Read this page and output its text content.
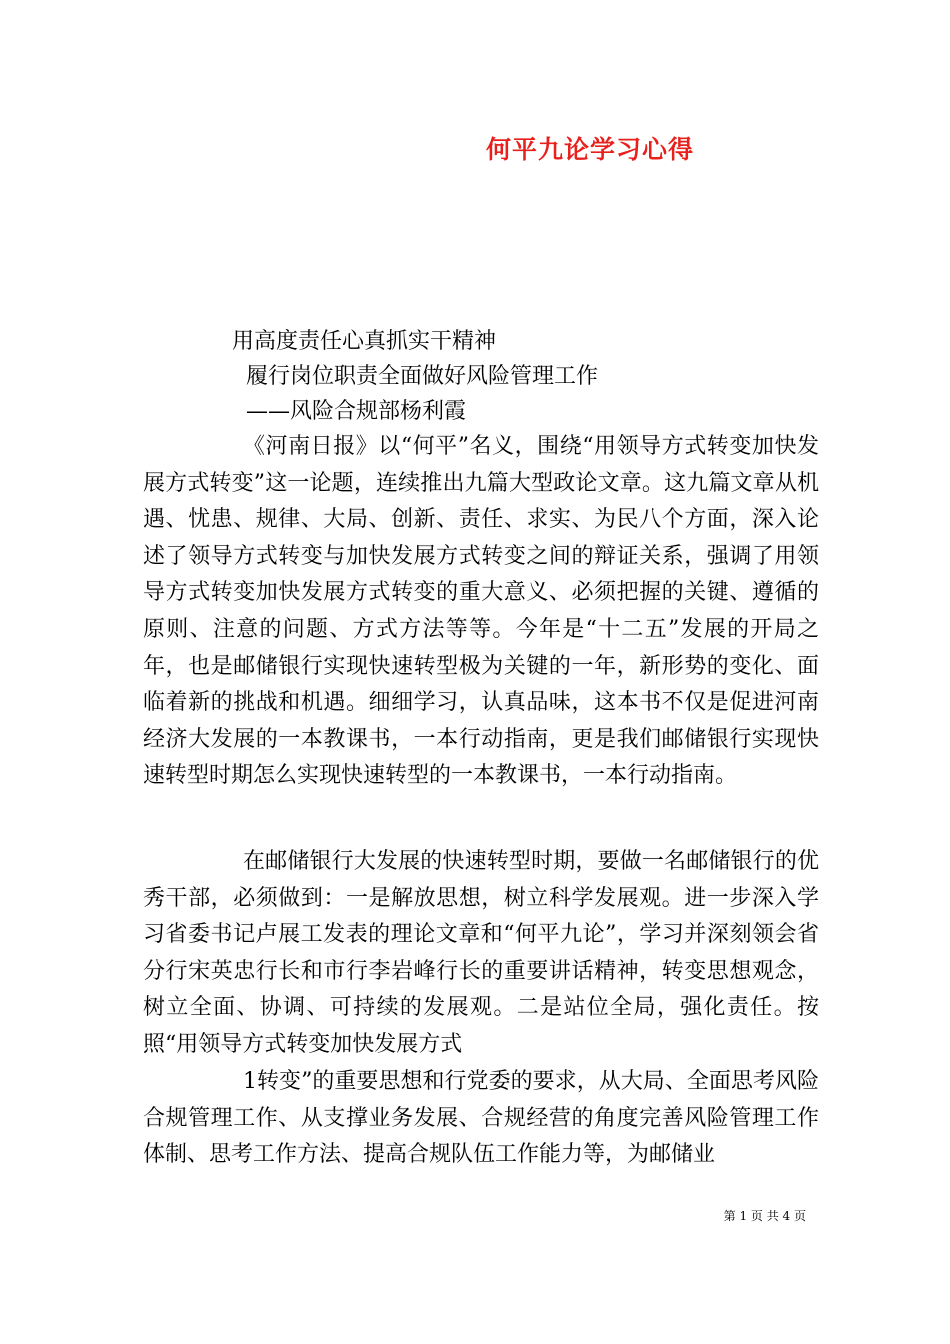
何平九论学习心得
用高度责任心真抓实干精神
履行岗位职责全面做好风险管理工作
——风险合规部杨利霞

《河南日报》以“何平”名义，围绕“用领导方式转变加快发展方式转变”这一论题，连续推出九篇大型政论文章。这九篇文章从机遇、忧患、规律、大局、创新、责任、求实、为民八个方面，深入论述了领导方式转变与加快发展方式转变之间的辩证关系，强调了用领导方式转变加快发展方式转变的重大意义、必须把握的关键、遵循的原则、注意的问题、方式方法等等。今年是“十二五”发展的开局之年，也是邮储银行实现快速转型极为关键的一年，新形势的变化、面临着新的挑战和机遇。细细学习，认真品味，这本书不仅是促进河南经济大发展的一本教课书，一本行动指南，更是我们邮储银行实现快速转型时期怎么实现快速转型的一本教课书，一本行动指南。

在邮储银行大发展的快速转型时期，要做一名邮储银行的优秀干部，必须做到：一是解放思想，树立科学发展观。进一步深入学习省委书记卢展工发表的理论文章和“何平九论”，学习并深刻领会省分行宋英忠行长和市行李岩峰行长的重要讲话精神，转变思想观念，树立全面、协调、可持续的发展观。二是站位全局，强化责任。按照“用领导方式转变加快发展方式

1转变”的重要思想和行党委的要求，从大局、全面思考风险合规管理工作、从支撑业务发展、合规经营的角度完善风险管理工作体制、思考工作方法、提高合规队伍工作能力等，为邮储业

第 1 页 共 4 页
